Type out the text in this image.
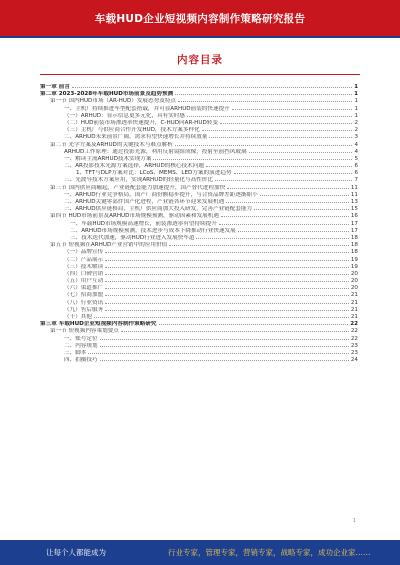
车载HUD企业短视频内容制作策略研究报告
内容目录
第一章 前言	1
第二章 2023-2028年车载HUD市场前景及趋势预测	1
第一节 国内HUD市场（AR-HUD）发展态势及特点	1
一、主机厂持续推进车型配套搭载，并可显ARHUD前装的快速提升	1
（一）ARHUD：显示信息更多元化，具有实时感	1
（二）HUD前装市场渗透率快速提升，C-HUD向AR-HUD转变	2
（三）主机厂与供应商合作开发HUD，技术方案多样化	2
二、ARHUD未来前景广阔，需求有望快速增长并持续放量	3
第二节 光学方案及ARHUD的关键技术与难点解析	4
ARHUD工作原理：通过投影光源，利用反射镜组成像，投射至前挡风玻璃	4
一、解读主流ARHUD技术实现方案	5
二、AR投影技术光源方案选择，ARHUD的核心技术问题	6
1、TFT与DLP方案对比：LCoS、MEMS、LED方案的演进趋势	6
三、光波导技术方案应用，实现ARHUD的轻量化与高性价比	7
第三节 国内供应商崛起，产业链配套能力加速提升，国产替代进程加快	11
一、ARHUD行业竞争格局，国产厂商份额稳步提升，与合资品牌差距逐渐缩小	11
二、ARHUD关键零部件国产化进程，产业链各环节迎来发展机遇	13
三、ARHUD供应链格局，主机厂供应商加大投入研发，完善产业链配套能力	15
第四节 HUD市场前景及ARHUD市场规模预测，驱动因素和发展机遇	16
一、车载HUD市场规模高速增长，前装渗透率有望持续提升	17
二、ARHUD市场规模预测，技术进步与成本下降推动行业快速发展	17
三、技术迭代加速，驱动HUD行业进入发展快车道	18
第五节 短视频在ARHUD产业营销中的应用价值	18
（一）品牌宣传	18
（二）产品展示	19
（三）技术解读	19
（四）口碑营销	20
（五）用户互动	20
（六）渠道推广	20
（七）招商加盟	21
（八）行业资讯	21
（九）售后服务	21
（十）其他	21
第三章 车载HUD企业短视频内容制作策略研究	22
第一节 短视频内容策划要点	22
一、账号定位	22
二、内容规划	23
三、脚本	23
四、拍摄技巧	24
1
让每个人都能成为	行业专家，管理专家，营销专家，战略专家，成功企业家……
